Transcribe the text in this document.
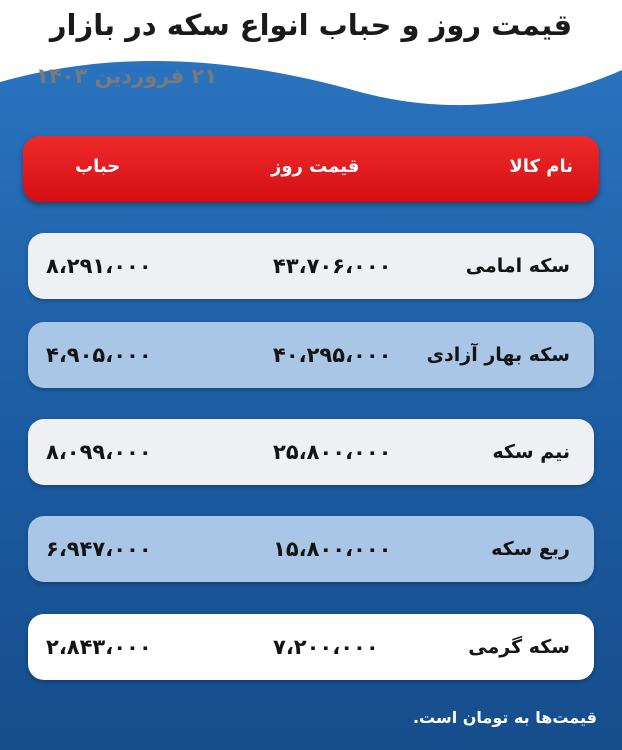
قیمت روز و حباب انواع سکه در بازار
۲۱ فروردین ۱۴۰۳
نام کالا
قیمت روز
حباب
سکه امامی
۴۳،۷۰۶،۰۰۰
۸،۲۹۱،۰۰۰
سکه بهار آزادی
۴۰،۲۹۵،۰۰۰
۴،۹۰۵،۰۰۰
نیم سکه
۲۵،۸۰۰،۰۰۰
۸،۰۹۹،۰۰۰
ربع سکه
۱۵،۸۰۰،۰۰۰
۶،۹۴۷،۰۰۰
سکه گرمی
۷،۲۰۰،۰۰۰
۲،۸۴۳،۰۰۰
قیمت‌ها به تومان است.
